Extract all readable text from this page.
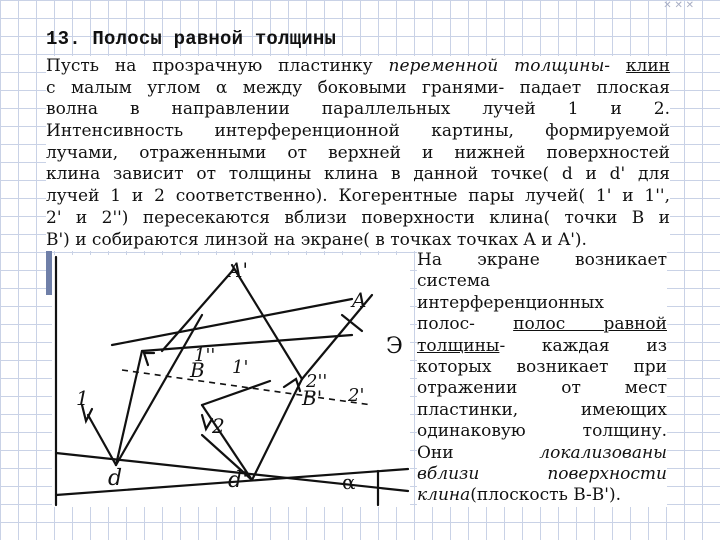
✕ ✕ ✕
13. Полосы равной толщины
Пусть на прозрачную пластинку переменной толщины- клин
с малым углом α между боковыми гранями- падает плоская
волна в направлении параллельных лучей 1 и 2.
Интенсивность интерференционной картины, формируемой
лучами, отраженными от верхней и нижней поверхностей
клина зависит от толщины клина в данной точке( d и d' для
лучей 1 и 2 соответственно). Когерентные пары лучей( 1' и 1'',
2' и 2'') пересекаются вблизи поверхности клина( точки B и
B') и собираются линзой на экране( в точках точках A и A').
A'
A
Э
1''
1'
B	2''
B' 2'
1
2
d	d'	α
На экране возникает
система
интерференционных
полос- полос равной
толщины- каждая из
которых возникает при
отражении от мест
пластинки, имеющих
одинаковую толщину.
Они локализованы
вблизи поверхности
клина(плоскость B-B').
